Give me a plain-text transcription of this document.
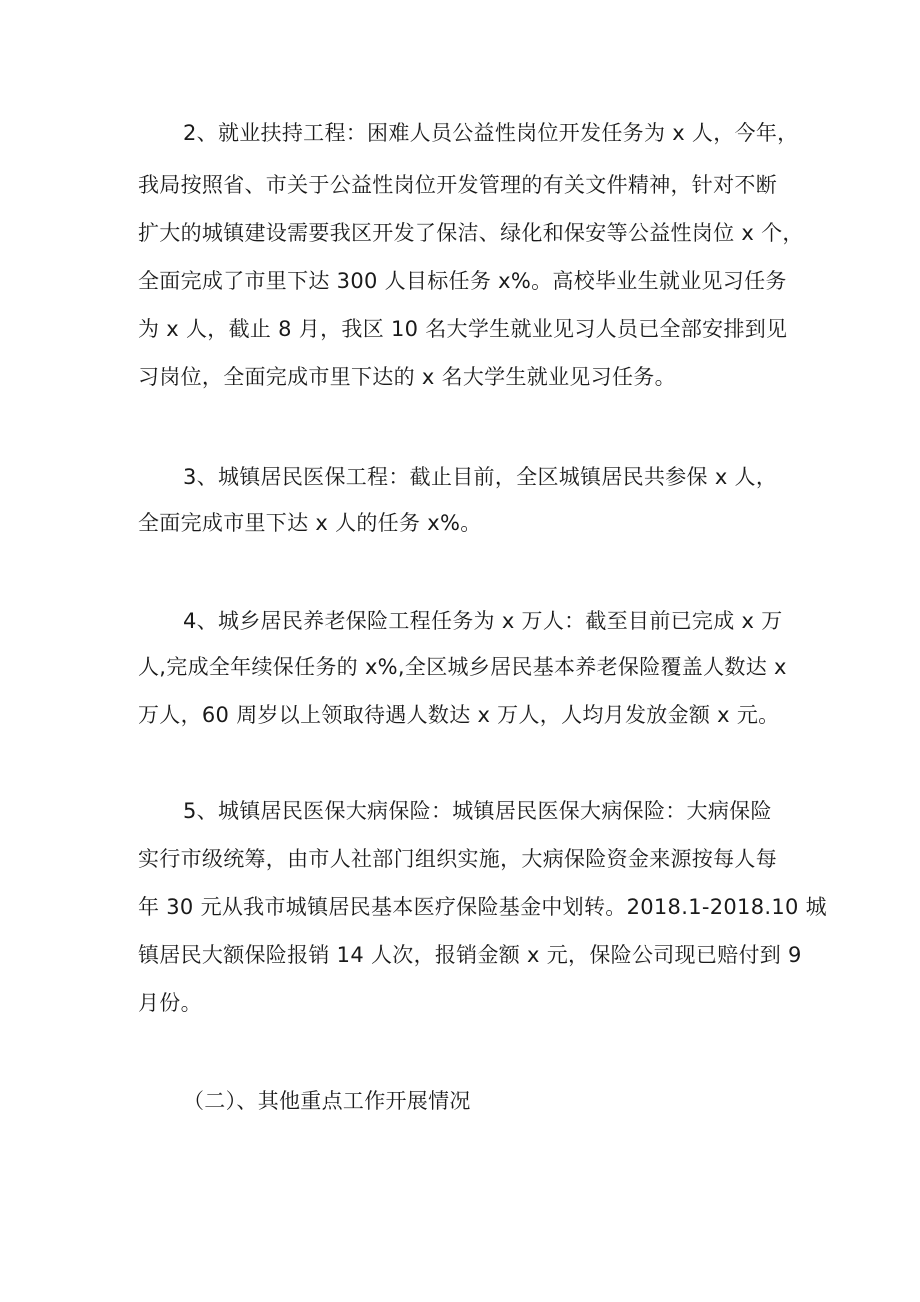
2、就业扶持工程：困难人员公益性岗位开发任务为 x 人，今年，
我局按照省、市关于公益性岗位开发管理的有关文件精神，针对不断
扩大的城镇建设需要我区开发了保洁、绿化和保安等公益性岗位 x 个，
全面完成了市里下达 300 人目标任务 x%。高校毕业生就业见习任务
为 x 人，截止 8 月，我区 10 名大学生就业见习人员已全部安排到见
习岗位，全面完成市里下达的 x 名大学生就业见习任务。
3、城镇居民医保工程：截止目前，全区城镇居民共参保 x 人，
全面完成市里下达 x 人的任务 x%。
4、城乡居民养老保险工程任务为 x 万人：截至目前已完成 x 万
人,完成全年续保任务的 x%,全区城乡居民基本养老保险覆盖人数达 x
万人，60 周岁以上领取待遇人数达 x 万人，人均月发放金额 x 元。
5、城镇居民医保大病保险：城镇居民医保大病保险：大病保险
实行市级统筹，由市人社部门组织实施，大病保险资金来源按每人每
年 30 元从我市城镇居民基本医疗保险基金中划转。2018.1-2018.10 城
镇居民大额保险报销 14 人次，报销金额 x 元，保险公司现已赔付到 9
月份。
（二）、其他重点工作开展情况
